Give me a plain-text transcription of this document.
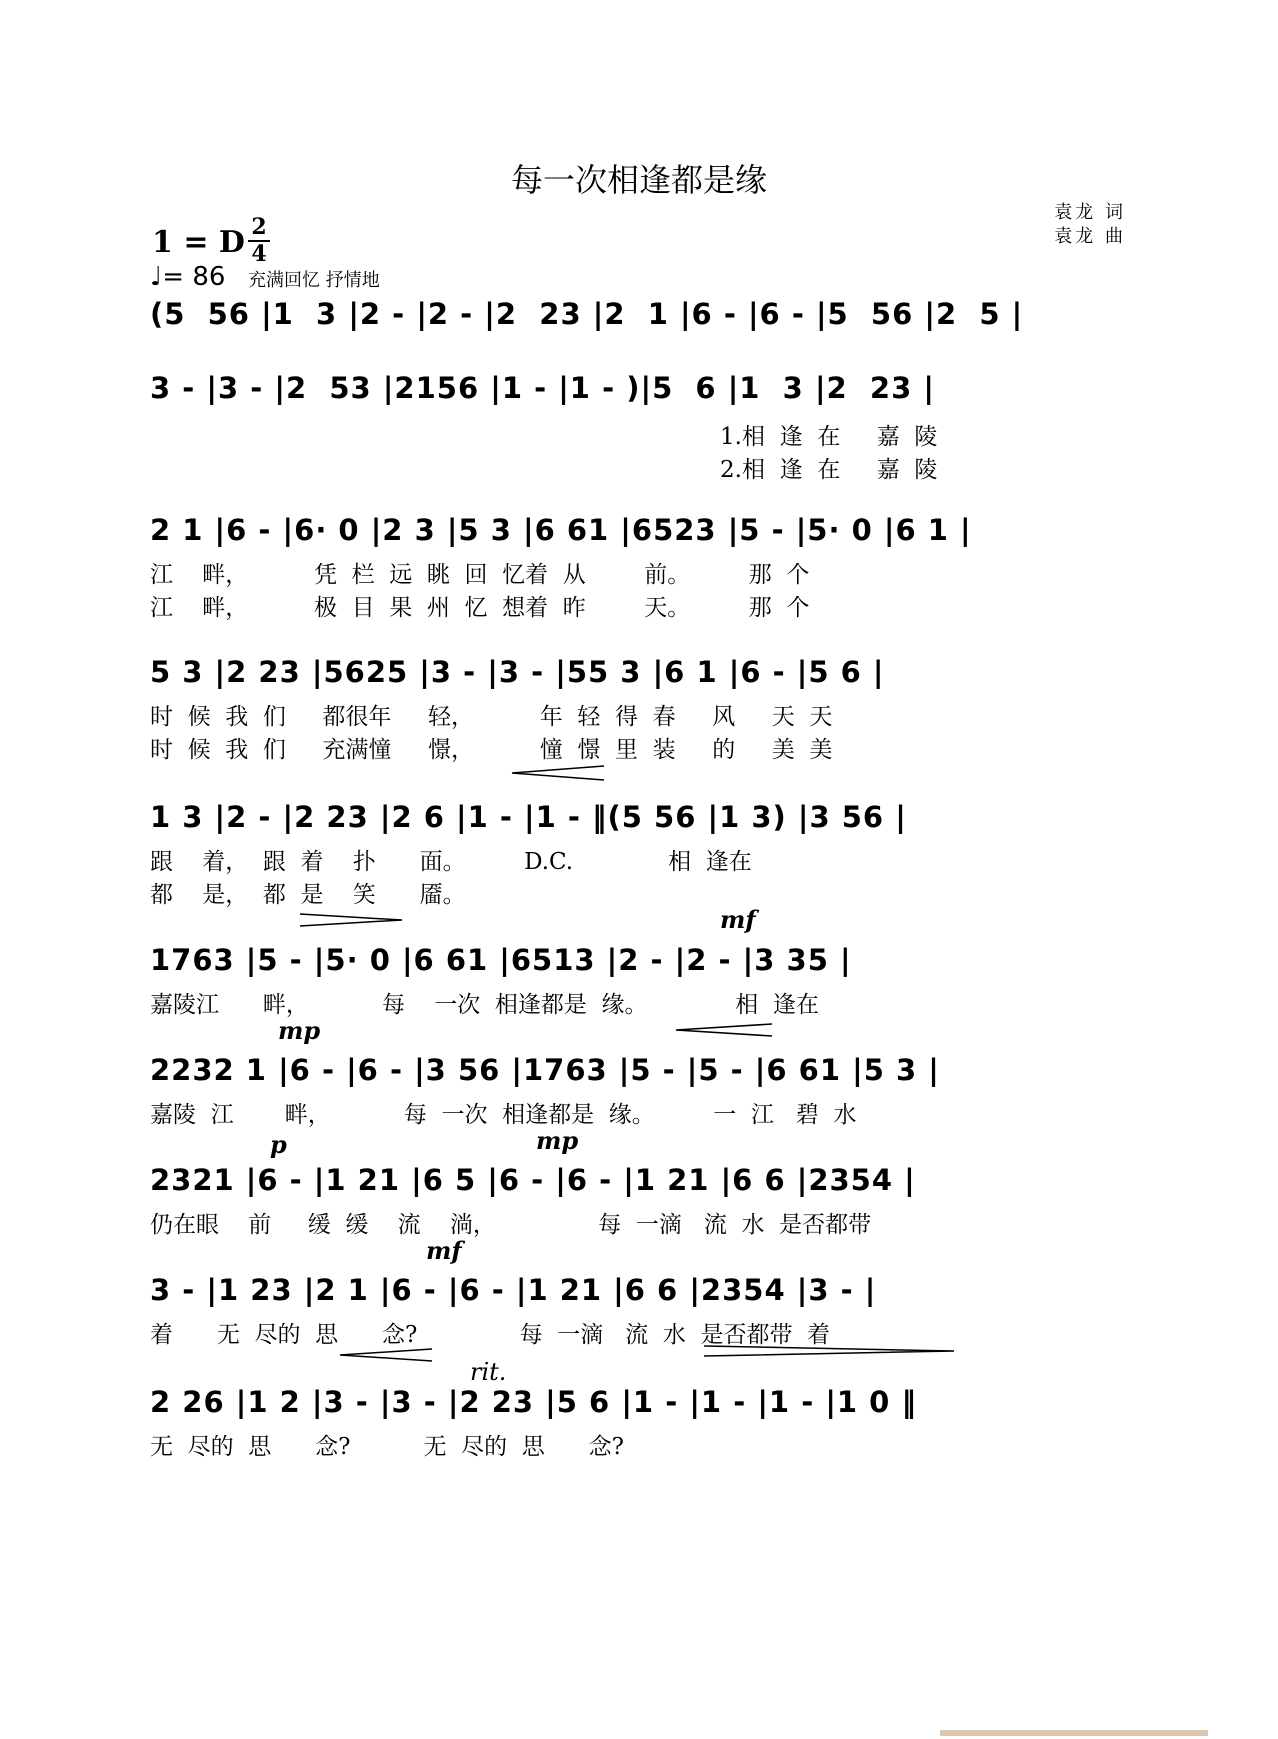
每一次相逢都是缘
1 = D 2
4
♩= 86 充满回忆 抒情地
袁龙 词
袁龙 曲
(5  56 |1  3 |2 - |2 - |2  23 |2  1 |6 - |6 - |5  56 |2  5 |
3 - |3 - |2  53 |2156 |1 - |1 - )|5  6 |1  3 |2  23 |
1.相  逢  在     嘉  陵
2.相  逢  在     嘉  陵
2 1 |6 - |6· 0 |2 3 |5 3 |6 61 |6523 |5 - |5· 0 |6 1 |
江    畔，         凭  栏  远  眺  回  忆着  从        前。        那  个
江    畔，         极  目  果  州  忆  想着  昨        天。        那  个
5 3 |2 23 |5625 |3 - |3 - |55 3 |6 1 |6 - |5 6 |
时  候  我  们     都很年     轻，         年  轻  得  春     风     天  天
时  候  我  们     充满憧     憬，         憧  憬  里  装     的     美  美
1 3 |2 - |2 23 |2 6 |1 - |1 - ‖(5 56 |1 3) |3 56 |
跟    着，  跟  着    扑      面。        D.C.             相  逢在
都    是，  都  是    笑      靥。
1763 |5 - |5· 0 |6 61 |6513 |2 - |2 - |3 35 |
嘉陵江      畔，          每    一次  相逢都是  缘。            相  逢在
mf
2232 1 |6 - |6 - |3 56 |1763 |5 - |5 - |6 61 |5 3 |
嘉陵  江       畔，          每  一次  相逢都是  缘。        一  江   碧  水
mp
2321 |6 - |1 21 |6 5 |6 - |6 - |1 21 |6 6 |2354 |
仍在眼    前     缓  缓    流    淌，              每  一滴   流  水  是否都带
p	mp
3 - |1 23 |2 1 |6 - |6 - |1 21 |6 6 |2354 |3 - |
着      无  尽的  思      念?              每  一滴   流  水  是否都带  着
mf
2 26 |1 2 |3 - |3 - |2 23 |5 6 |1 - |1 - |1 - |1 0 ‖
无  尽的  思      念?          无  尽的  思      念?
rit.
